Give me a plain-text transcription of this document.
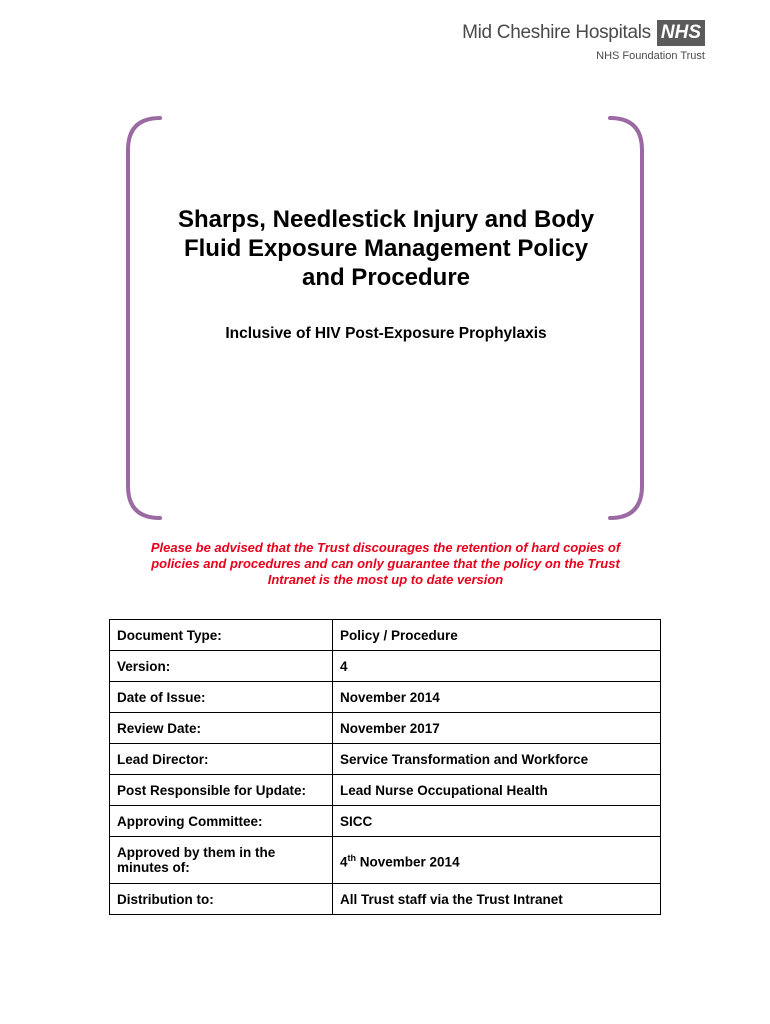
Mid Cheshire Hospitals NHS
NHS Foundation Trust
Sharps, Needlestick Injury and Body
Fluid Exposure Management Policy
and Procedure
Inclusive of HIV Post-Exposure Prophylaxis
Please be advised that the Trust discourages the retention of hard copies of
policies and procedures and can only guarantee that the policy on the Trust
Intranet is the most up to date version
Document Type:	Policy / Procedure
Version:	4
Date of Issue:	November 2014
Review Date:	November 2017
Lead Director:	Service Transformation and Workforce
Post Responsible for Update:	Lead Nurse Occupational Health
Approving Committee:	SICC
Approved by them in the minutes of:	4th November 2014
Distribution to:	All Trust staff via the Trust Intranet
